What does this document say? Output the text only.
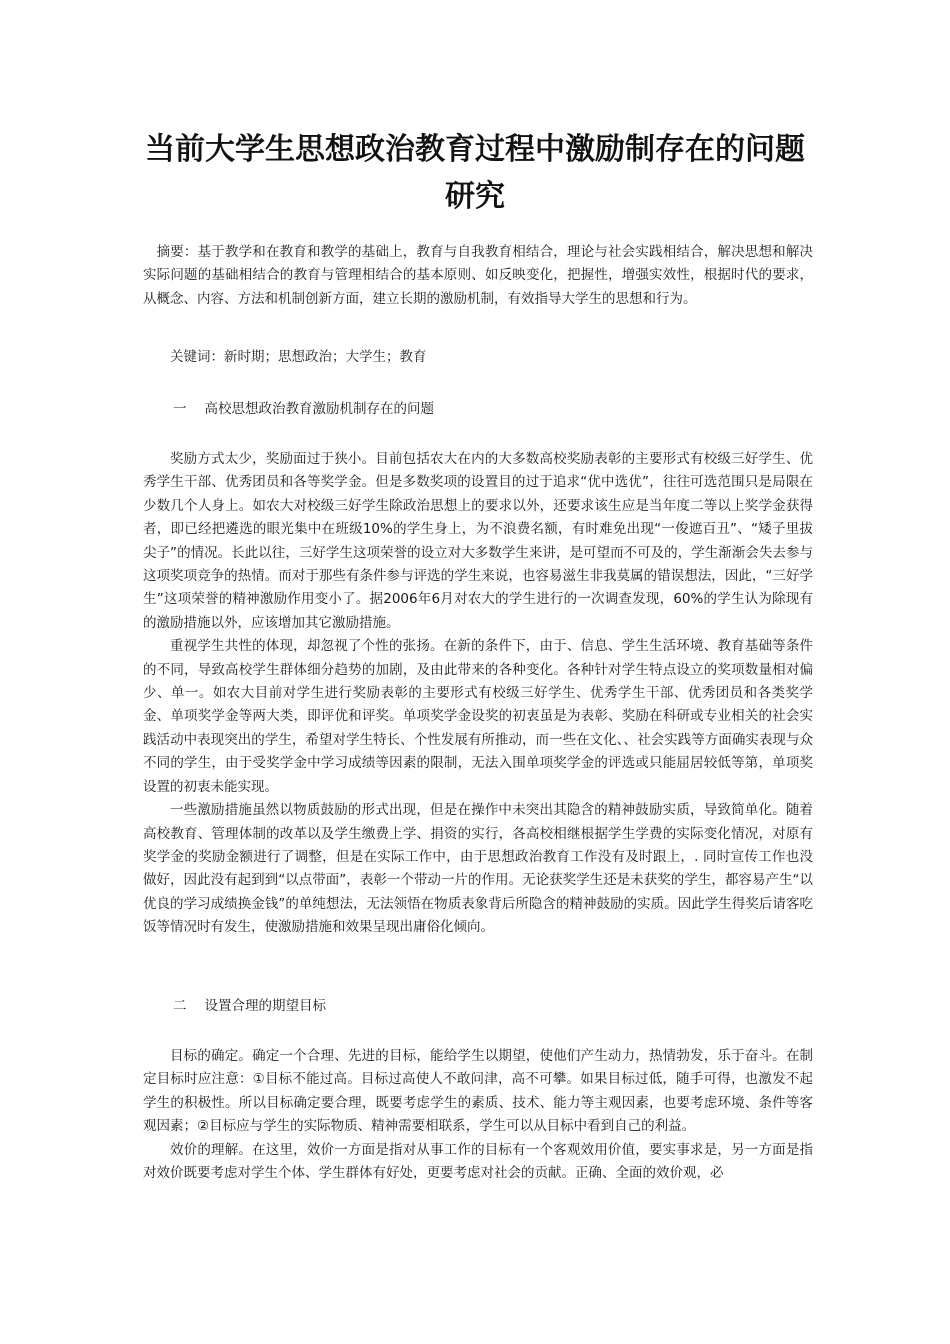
当前大学生思想政治教育过程中激励制存在的问题研究

摘要：基于教学和在教育和教学的基础上，教育与自我教育相结合，理论与社会实践相结合，解决思想和解决实际问题的基础相结合的教育与管理相结合的基本原则、如反映变化，把握性，增强实效性，根据时代的要求，从概念、内容、方法和机制创新方面，建立长期的激励机制，有效指导大学生的思想和行为。

关键词：新时期；思想政治；大学生；教育
一 高校思想政治教育激励机制存在的问题

奖励方式太少，奖励面过于狭小。目前包括农大在内的大多数高校奖励表彰的主要形式有校级三好学生、优秀学生干部、优秀团员和各等奖学金。但是多数奖项的设置目的过于追求“优中选优”，往往可选范围只是局限在少数几个人身上。如农大对校级三好学生除政治思想上的要求以外，还要求该生应是当年度二等以上奖学金获得者，即已经把遴选的眼光集中在班级10%的学生身上，为不浪费名额，有时难免出现“一俊遮百丑”、“矮子里拔尖子”的情况。长此以往，三好学生这项荣誉的设立对大多数学生来讲，是可望而不可及的，学生渐渐会失去参与这项奖项竞争的热情。而对于那些有条件参与评选的学生来说，也容易滋生非我莫属的错误想法，因此，“三好学生”这项荣誉的精神激励作用变小了。据2006年6月对农大的学生进行的一次调查发现，60%的学生认为除现有的激励措施以外，应该增加其它激励措施。

重视学生共性的体现，却忽视了个性的张扬。在新的条件下，由于、信息、学生生活环境、教育基础等条件的不同，导致高校学生群体细分趋势的加剧，及由此带来的各种变化。各种针对学生特点设立的奖项数量相对偏少、单一。如农大目前对学生进行奖励表彰的主要形式有校级三好学生、优秀学生干部、优秀团员和各类奖学金、单项奖学金等两大类，即评优和评奖。单项奖学金设奖的初衷虽是为表彰、奖励在科研或专业相关的社会实践活动中表现突出的学生，希望对学生特长、个性发展有所推动，而一些在文化、、社会实践等方面确实表现与众不同的学生，由于受奖学金中学习成绩等因素的限制，无法入围单项奖学金的评选或只能屈居较低等第，单项奖设置的初衷未能实现。

一些激励措施虽然以物质鼓励的形式出现，但是在操作中未突出其隐含的精神鼓励实质，导致简单化。随着高校教育、管理体制的改革以及学生缴费上学、捐资的实行，各高校相继根据学生学费的实际变化情况，对原有奖学金的奖励金额进行了调整，但是在实际工作中，由于思想政治教育工作没有及时跟上，. 同时宣传工作也没做好，因此没有起到到“以点带面”，表彰一个带动一片的作用。无论获奖学生还是未获奖的学生，都容易产生“以优良的学习成绩换金钱”的单纯想法，无法领悟在物质表象背后所隐含的精神鼓励的实质。因此学生得奖后请客吃饭等情况时有发生，使激励措施和效果呈现出庸俗化倾向。

二 设置合理的期望目标

目标的确定。确定一个合理、先进的目标，能给学生以期望，使他们产生动力，热情勃发，乐于奋斗。在制定目标时应注意：①目标不能过高。目标过高使人不敢问津，高不可攀。如果目标过低，随手可得，也激发不起学生的积极性。所以目标确定要合理，既要考虑学生的素质、技术、能力等主观因素，也要考虑环境、条件等客观因素；②目标应与学生的实际物质、精神需要相联系，学生可以从目标中看到自己的利益。

效价的理解。在这里，效价一方面是指对从事工作的目标有一个客观效用价值，要实事求是，另一方面是指对效价既要考虑对学生个体、学生群体有好处，更要考虑对社会的贡献。正确、全面的效价观，必
